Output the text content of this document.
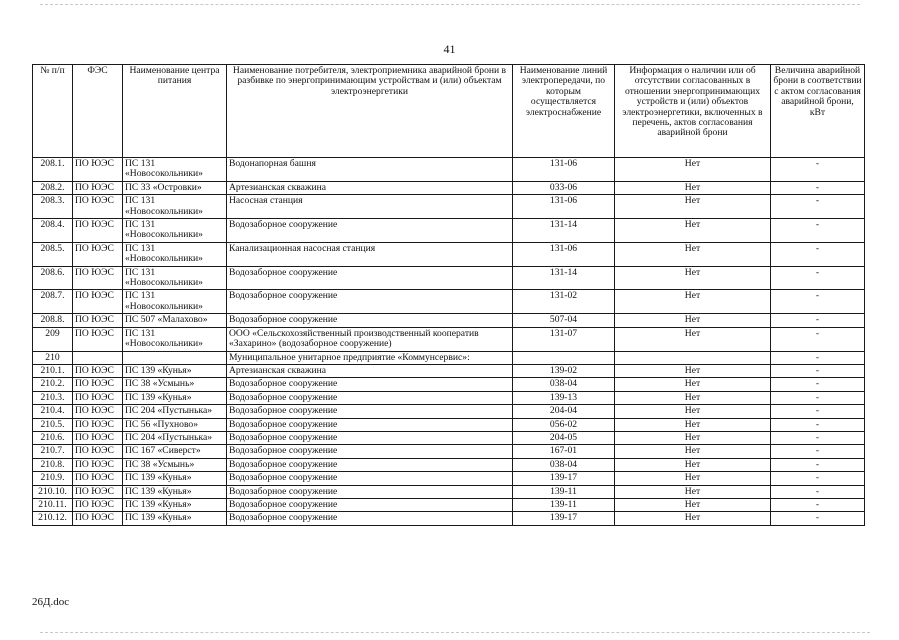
41
№ п/п	ФЭС	Наименование центра питания	Наименование потребителя, электроприемника аварийной брони в разбивке по энергопринимающим устройствам и (или) объектам электроэнергетики	Наименование линий электропередачи, по которым осуществляется электроснабжение	Информация о наличии или об отсутствии согласованных в отношении энергопринимающих устройств и (или) объектов электроэнергетики, включенных в перечень, актов согласования аварийной брони	Величина аварийной брони в соответствии с актом согласования аварийной брони, кВт
208.1.	ПО ЮЭС	ПС 131 «Новосокольники»	Водонапорная башня	131-06	Нет	-
208.2.	ПО ЮЭС	ПС 33 «Островки»	Артезианская скважина	033-06	Нет	-
208.3.	ПО ЮЭС	ПС 131 «Новосокольники»	Насосная станция	131-06	Нет	-
208.4.	ПО ЮЭС	ПС 131 «Новосокольники»	Водозаборное сооружение	131-14	Нет	-
208.5.	ПО ЮЭС	ПС 131 «Новосокольники»	Канализационная насосная станция	131-06	Нет	-
208.6.	ПО ЮЭС	ПС 131 «Новосокольники»	Водозаборное сооружение	131-14	Нет	-
208.7.	ПО ЮЭС	ПС 131 «Новосокольники»	Водозаборное сооружение	131-02	Нет	-
208.8.	ПО ЮЭС	ПС 507 «Малахово»	Водозаборное сооружение	507-04	Нет	-
209	ПО ЮЭС	ПС 131 «Новосокольники»	ООО «Сельскохозяйственный производственный кооператив «Захарино» (водозаборное сооружение)	131-07	Нет	-
210			Муниципальное унитарное предприятие «Коммунсервис»:			-
210.1.	ПО ЮЭС	ПС 139 «Кунья»	Артезианская скважина	139-02	Нет	-
210.2.	ПО ЮЭС	ПС 38 «Усмынь»	Водозаборное сооружение	038-04	Нет	-
210.3.	ПО ЮЭС	ПС 139 «Кунья»	Водозаборное сооружение	139-13	Нет	-
210.4.	ПО ЮЭС	ПС 204 «Пустынька»	Водозаборное сооружение	204-04	Нет	-
210.5.	ПО ЮЭС	ПС 56 «Пухново»	Водозаборное сооружение	056-02	Нет	-
210.6.	ПО ЮЭС	ПС 204 «Пустынька»	Водозаборное сооружение	204-05	Нет	-
210.7.	ПО ЮЭС	ПС 167 «Сиверст»	Водозаборное сооружение	167-01	Нет	-
210.8.	ПО ЮЭС	ПС 38 «Усмынь»	Водозаборное сооружение	038-04	Нет	-
210.9.	ПО ЮЭС	ПС 139 «Кунья»	Водозаборное сооружение	139-17	Нет	-
210.10.	ПО ЮЭС	ПС 139 «Кунья»	Водозаборное сооружение	139-11	Нет	-
210.11.	ПО ЮЭС	ПС 139 «Кунья»	Водозаборное сооружение	139-11	Нет	-
210.12.	ПО ЮЭС	ПС 139 «Кунья»	Водозаборное сооружение	139-17	Нет	-
26Д.doc
